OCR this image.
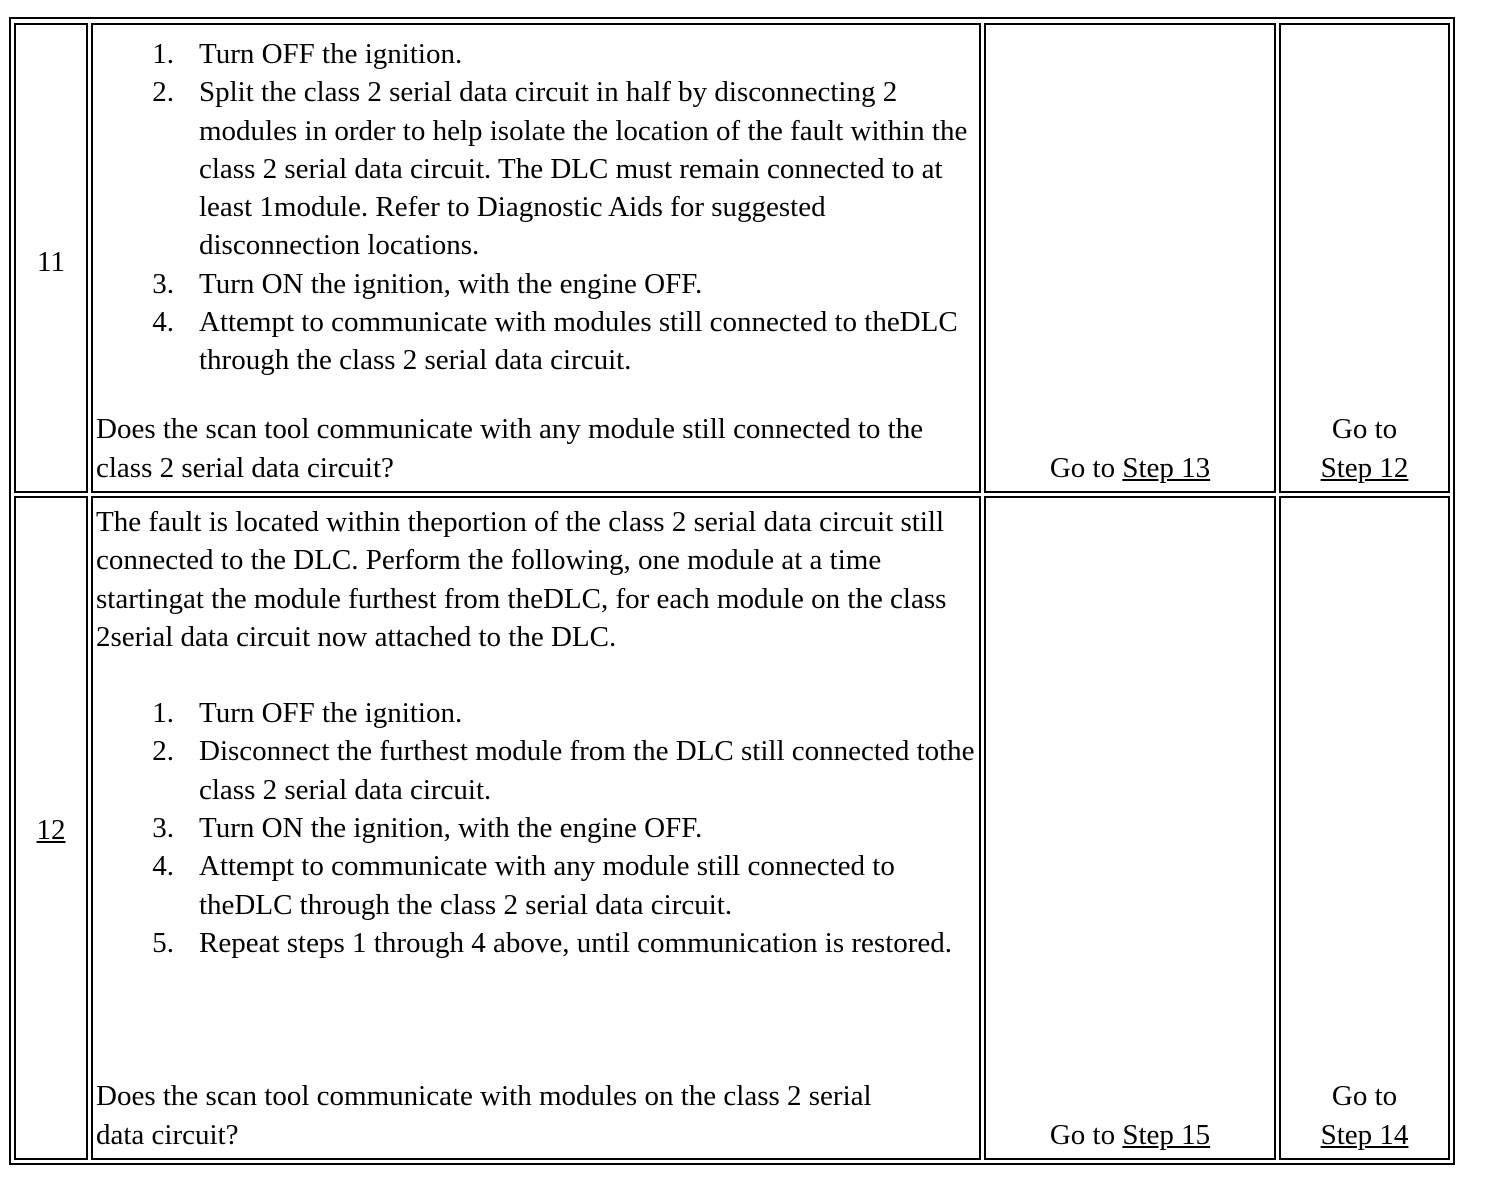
11
1. Turn OFF the ignition.
2. Split the class 2 serial data circuit in half by disconnecting 2 modules in order to help isolate the location of the fault within the class 2 serial data circuit. The DLC must remain connected to at least 1module. Refer to Diagnostic Aids for suggested disconnection locations.
3. Turn ON the ignition, with the engine OFF.
4. Attempt to communicate with modules still connected to theDLC through the class 2 serial data circuit.

Does the scan tool communicate with any module still connected to the class 2 serial data circuit?	Go to Step 13
Go to
Step 12
12

The fault is located within theportion of the class 2 serial data circuit still connected to the DLC. Perform the following, one module at a time startingat the module furthest from theDLC, for each module on the class 2serial data circuit now attached to the DLC.

1. Turn OFF the ignition.
2. Disconnect the furthest module from the DLC still connected tothe class 2 serial data circuit.
3. Turn ON the ignition, with the engine OFF.
4. Attempt to communicate with any module still connected to theDLC through the class 2 serial data circuit.
5. Repeat steps 1 through 4 above, until communication is restored.

Does the scan tool communicate with modules on the class 2 serial data circuit?	Go to Step 15
Go to
Step 14
